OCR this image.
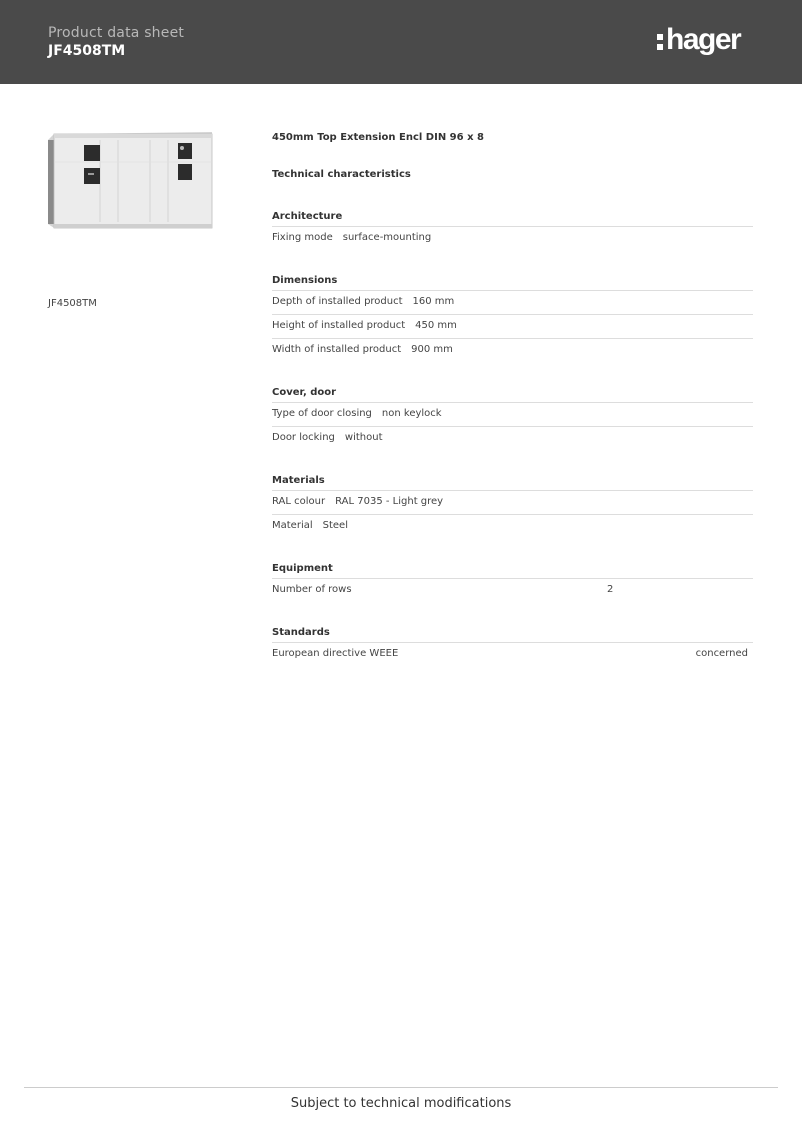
Product data sheet
JF4508TM	hager
JF4508TM
450mm Top Extension Encl DIN 96 x 8
Technical characteristics
Architecture
Fixing mode surface-mounting
Dimensions
Depth of installed product 160 mm
Height of installed product 450 mm
Width of installed product 900 mm
Cover, door
Type of door closing non keylock
Door locking without
Materials
RAL colour RAL 7035 - Light grey
Material Steel
Equipment
Number of rows	2
Standards
European directive WEEE	concerned
Subject to technical modifications
